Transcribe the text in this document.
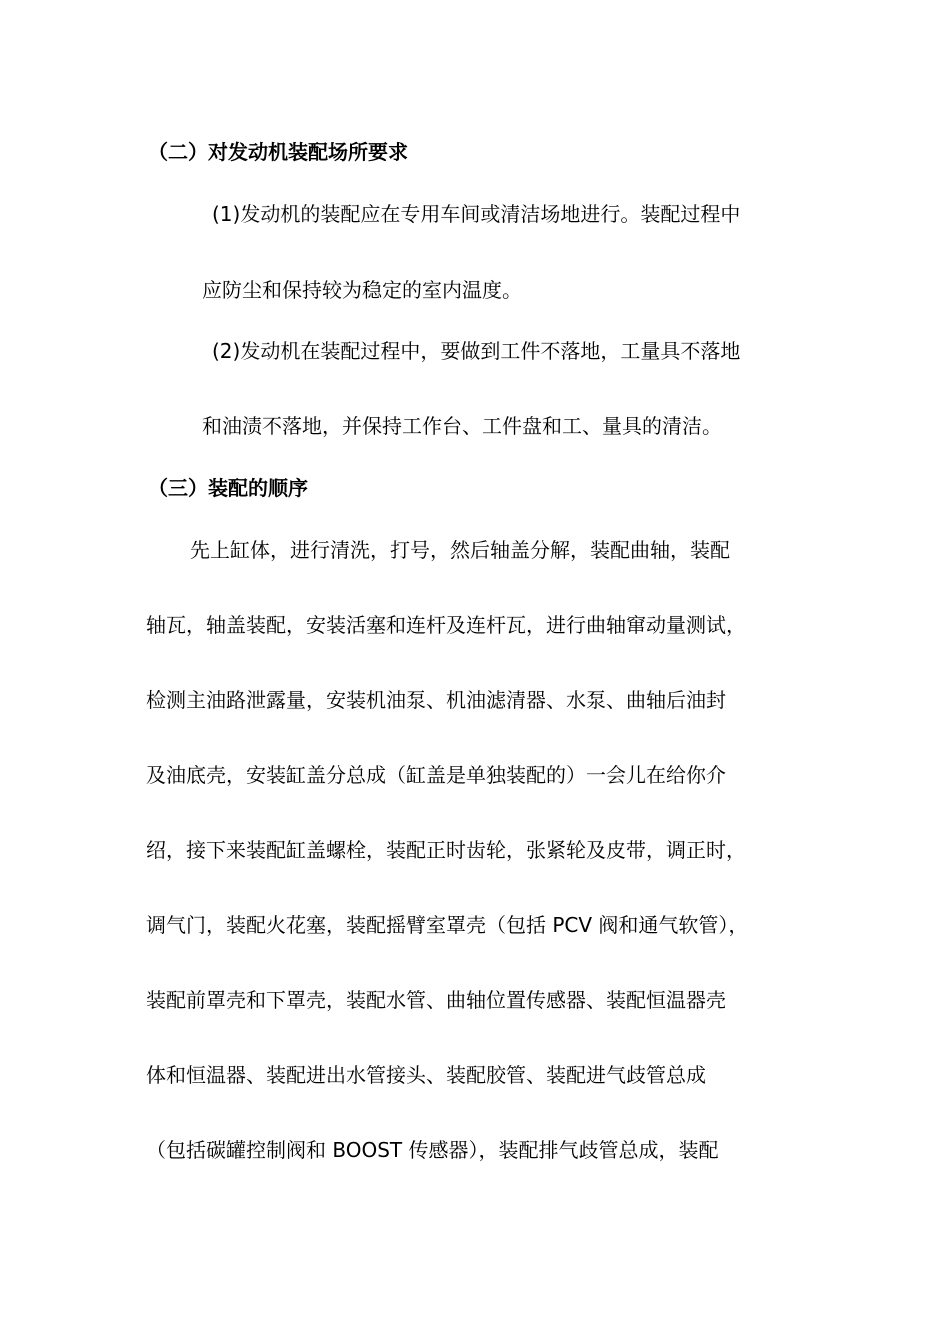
（二）对发动机装配场所要求
(1)发动机的装配应在专用车间或清洁场地进行。装配过程中
应防尘和保持较为稳定的室内温度。
(2)发动机在装配过程中，要做到工件不落地，工量具不落地
和油渍不落地，并保持工作台、工件盘和工、量具的清洁。
（三）装配的顺序
先上缸体，进行清洗，打号，然后轴盖分解，装配曲轴，装配
轴瓦，轴盖装配，安装活塞和连杆及连杆瓦，进行曲轴窜动量测试，
检测主油路泄露量，安装机油泵、机油滤清器、水泵、曲轴后油封
及油底壳，安装缸盖分总成（缸盖是单独装配的）一会儿在给你介
绍，接下来装配缸盖螺栓，装配正时齿轮，张紧轮及皮带，调正时，
调气门，装配火花塞，装配摇臂室罩壳（包括 PCV 阀和通气软管），
装配前罩壳和下罩壳，装配水管、曲轴位置传感器、装配恒温器壳
体和恒温器、装配进出水管接头、装配胶管、装配进气歧管总成
（包括碳罐控制阀和 BOOST 传感器），装配排气歧管总成，装配
